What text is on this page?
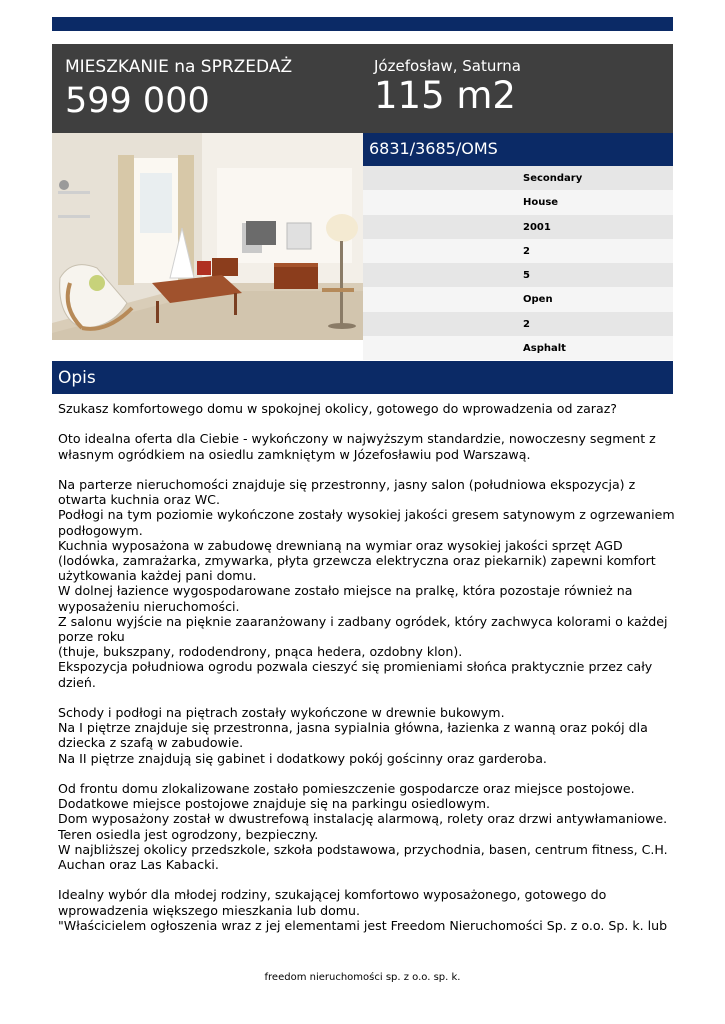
MIESZKANIE na SPRZEDAŻ
599 000
Józefosław, Saturna
115 m2
6831/3685/OMS
Secondary
House
2001
2
5
Open
2
Asphalt
Opis

Szukasz komfortowego domu w spokojnej okolicy, gotowego do wprowadzenia od zaraz?

Oto idealna oferta dla Ciebie - wykończony w najwyższym standardzie, nowoczesny segment z

własnym ogródkiem na osiedlu zamkniętym w Józefosławiu pod Warszawą.

Na parterze nieruchomości znajduje się przestronny, jasny salon (południowa ekspozycja) z

otwarta kuchnia oraz WC.

Podłogi na tym poziomie wykończone zostały wysokiej jakości gresem satynowym z ogrzewaniem

podłogowym.

Kuchnia wyposażona w zabudowę drewnianą na wymiar oraz wysokiej jakości sprzęt AGD

(lodówka, zamrażarka, zmywarka, płyta grzewcza elektryczna oraz piekarnik) zapewni komfort

użytkowania każdej pani domu.

W dolnej łazience wygospodarowane zostało miejsce na pralkę, która pozostaje również na

wyposażeniu nieruchomości.

Z salonu wyjście na pięknie zaaranżowany i zadbany ogródek, który zachwyca kolorami o każdej

porze roku

(thuje, bukszpany, rododendrony, pnąca hedera, ozdobny klon).

Ekspozycja południowa ogrodu pozwala cieszyć się promieniami słońca praktycznie przez cały

dzień.

Schody i podłogi na piętrach zostały wykończone w drewnie bukowym.

Na I piętrze znajduje się przestronna, jasna sypialnia główna, łazienka z wanną oraz pokój dla

dziecka z szafą w zabudowie.

Na II piętrze znajdują się gabinet i dodatkowy pokój gościnny oraz garderoba.

Od frontu domu zlokalizowane zostało pomieszczenie gospodarcze oraz miejsce postojowe.

Dodatkowe miejsce postojowe znajduje się na parkingu osiedlowym.

Dom wyposażony został w dwustrefową instalację alarmową, rolety oraz drzwi antywłamaniowe.

Teren osiedla jest ogrodzony, bezpieczny.

W najbliższej okolicy przedszkole, szkoła podstawowa, przychodnia, basen, centrum fitness, C.H.

Auchan oraz Las Kabacki.

Idealny wybór dla młodej rodziny, szukającej komfortowo wyposażonego, gotowego do

wprowadzenia większego mieszkania lub domu.

"Właścicielem ogłoszenia wraz z jej elementami jest Freedom Nieruchomości Sp. z o.o. Sp. k. lub

freedom nieruchomości sp. z o.o. sp. k.
